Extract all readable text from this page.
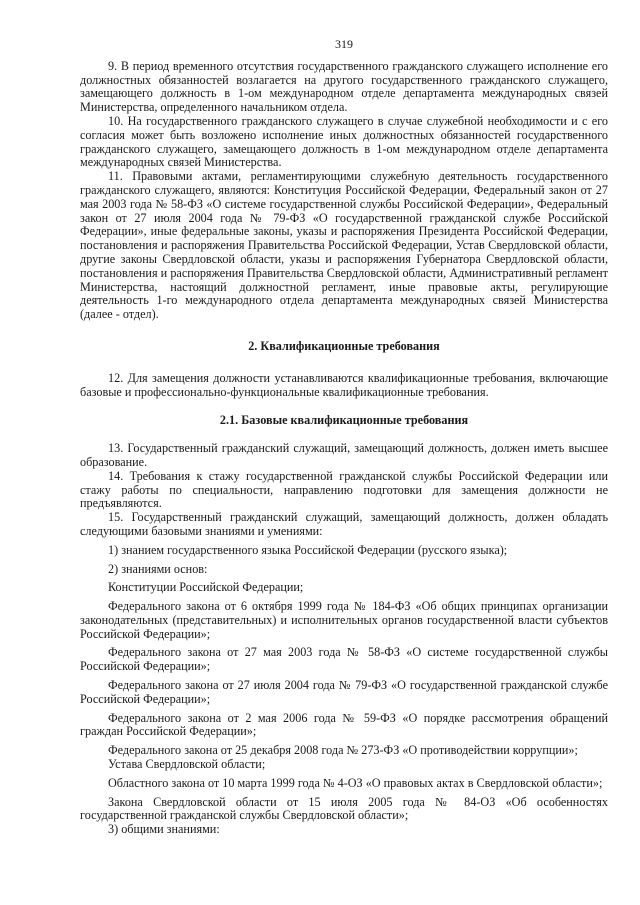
319

9. В период временного отсутствия государственного гражданского служащего исполнение его должностных обязанностей возлагается на другого государственного гражданского служащего, замещающего должность в 1-ом международном отделе департамента международных связей Министерства, определенного начальником отдела.

10. На государственного гражданского служащего в случае служебной необходимости и с его согласия может быть возложено исполнение иных должностных обязанностей государственного гражданского служащего, замещающего должность в 1-ом международном отделе департамента международных связей Министерства.

11. Правовыми актами, регламентирующими служебную деятельность государственного гражданского служащего, являются: Конституция Российской Федерации, Федеральный закон от 27 мая 2003 года № 58-ФЗ «О системе государственной службы Российской Федерации», Федеральный закон от 27 июля 2004 года № 79-ФЗ «О государственной гражданской службе Российской Федерации», иные федеральные законы, указы и распоряжения Президента Российской Федерации, постановления и распоряжения Правительства Российской Федерации, Устав Свердловской области, другие законы Свердловской области, указы и распоряжения Губернатора Свердловской области, постановления и распоряжения Правительства Свердловской области, Административный регламент Министерства, настоящий должностной регламент, иные правовые акты, регулирующие деятельность 1-го международного отдела департамента международных связей Министерства (далее - отдел).

2. Квалификационные требования

12. Для замещения должности устанавливаются квалификационные требования, включающие базовые и профессионально-функциональные квалификационные требования.

2.1. Базовые квалификационные требования

13. Государственный гражданский служащий, замещающий должность, должен иметь высшее образование.

14. Требования к стажу государственной гражданской службы Российской Федерации или стажу работы по специальности, направлению подготовки для замещения должности не предъявляются.

15. Государственный гражданский служащий, замещающий должность, должен обладать следующими базовыми знаниями и умениями:

1) знанием государственного языка Российской Федерации (русского языка);

2) знаниями основ:

Конституции Российской Федерации;

Федерального закона от 6 октября 1999 года № 184-ФЗ «Об общих принципах организации законодательных (представительных) и исполнительных органов государственной власти субъектов Российской Федерации»;

Федерального закона от 27 мая 2003 года № 58-ФЗ «О системе государственной службы Российской Федерации»;

Федерального закона от 27 июля 2004 года № 79-ФЗ «О государственной гражданской службе Российской Федерации»;

Федерального закона от 2 мая 2006 года № 59-ФЗ «О порядке рассмотрения обращений граждан Российской Федерации»;

Федерального закона от 25 декабря 2008 года № 273-ФЗ «О противодействии коррупции»;

Устава Свердловской области;

Областного закона от 10 марта 1999 года № 4-ОЗ «О правовых актах в Свердловской области»;

Закона Свердловской области от 15 июля 2005 года № 84-ОЗ «Об особенностях государственной гражданской службы Свердловской области»;

3) общими знаниями:
